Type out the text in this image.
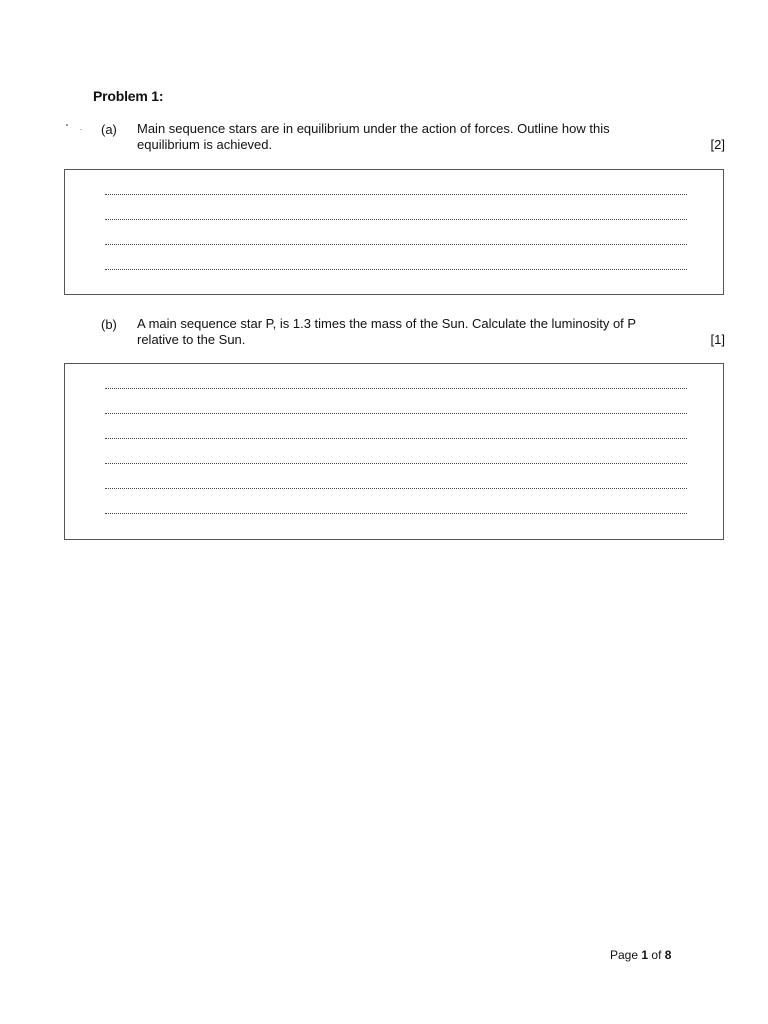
Problem 1:
(a) Main sequence stars are in equilibrium under the action of forces. Outline how this
equilibrium is achieved.	[2]
(b) A main sequence star P, is 1.3 times the mass of the Sun. Calculate the luminosity of P
relative to the Sun.	[1]
Page 1 of 8
